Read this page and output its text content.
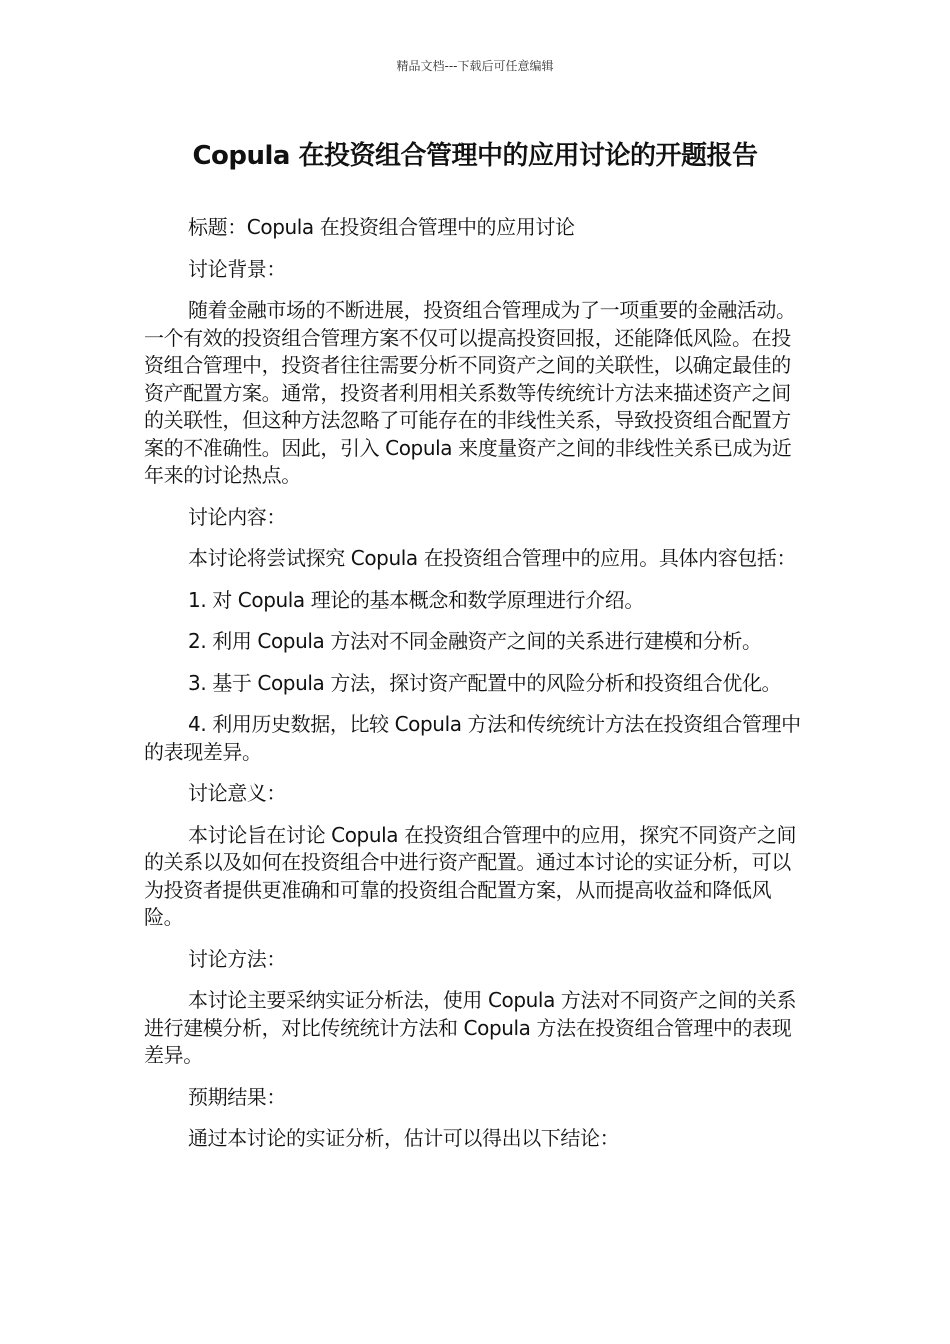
精品文档---下载后可任意编辑
Copula 在投资组合管理中的应用讨论的开题报告

标题：Copula 在投资组合管理中的应用讨论

讨论背景：

随着金融市场的不断进展，投资组合管理成为了一项重要的金融活动。一个有效的投资组合管理方案不仅可以提高投资回报，还能降低风险。在投资组合管理中，投资者往往需要分析不同资产之间的关联性，以确定最佳的资产配置方案。通常，投资者利用相关系数等传统统计方法来描述资产之间的关联性，但这种方法忽略了可能存在的非线性关系，导致投资组合配置方案的不准确性。因此，引入 Copula 来度量资产之间的非线性关系已成为近年来的讨论热点。

讨论内容：

本讨论将尝试探究 Copula 在投资组合管理中的应用。具体内容包括：

1. 对 Copula 理论的基本概念和数学原理进行介绍。

2. 利用 Copula 方法对不同金融资产之间的关系进行建模和分析。

3. 基于 Copula 方法，探讨资产配置中的风险分析和投资组合优化。

4. 利用历史数据，比较 Copula 方法和传统统计方法在投资组合管理中的表现差异。

讨论意义：

本讨论旨在讨论 Copula 在投资组合管理中的应用，探究不同资产之间的关系以及如何在投资组合中进行资产配置。通过本讨论的实证分析，可以为投资者提供更准确和可靠的投资组合配置方案，从而提高收益和降低风险。

讨论方法：

本讨论主要采纳实证分析法，使用 Copula 方法对不同资产之间的关系进行建模分析，对比传统统计方法和 Copula 方法在投资组合管理中的表现差异。

预期结果：

通过本讨论的实证分析，估计可以得出以下结论：
